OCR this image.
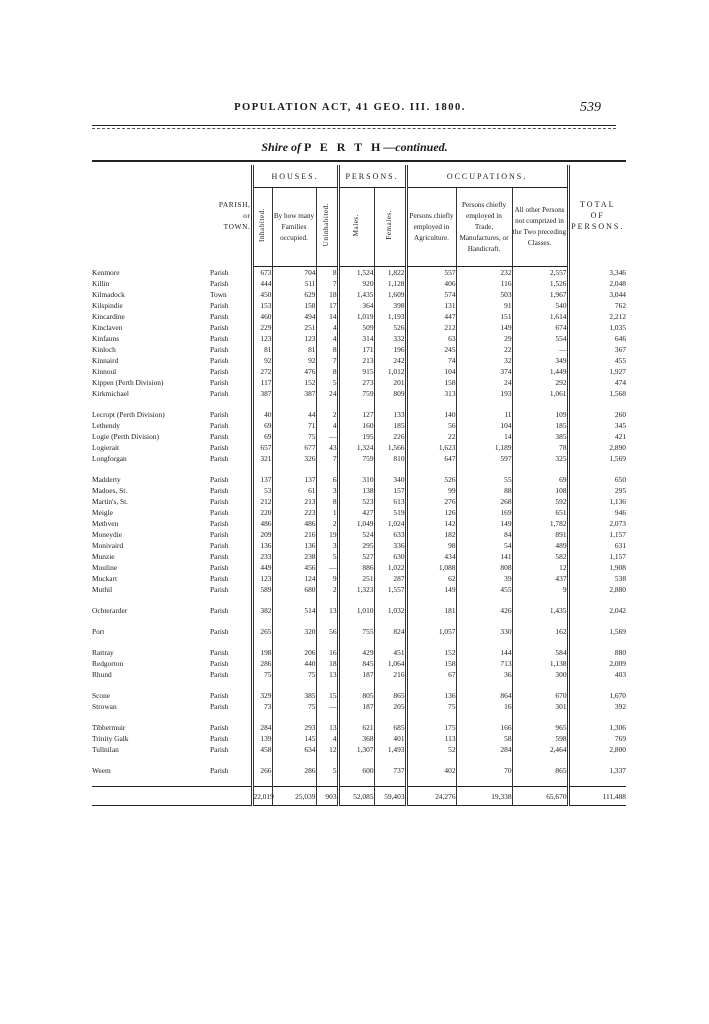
POPULATION ACT, 41 GEO. III. 1800.	539
Shire of P E R T H—continued.
PARISH,
or
TOWN.		HOUSES.			PERSONS.		OCCUPATIONS.			TOTAL
OF
PERSONS.
		Inhabited.	By how many Families occupied.	Uninhabited.	Males.	Females.	Persons chiefly employed in Agriculture.	Persons chiefly employed in Trade, Manufactures, or Handicraft.	All other Persons not comprized in the Two preceding Classes.	
Kenmore	Parish	673	704	8	1,524	1,822	557	232	2,557	3,346
Killin	Parish	444	511	7	920	1,128	406	116	1,526	2,048
Kilmadock	Town	450	629	18	1,435	1,609	574	503	1,967	3,044
Kilspindie	Parish	153	158	17	364	398	131	91	540	762
Kincardine	Parish	460	494	14	1,019	1,193	447	151	1,614	2,212
Kinclaven	Parish	229	251	4	509	526	212	149	674	1,035
Kinfauns	Parish	123	123	4	314	332	63	29	554	646
Kinloch	Parish	81	81	8	171	196	245	22	—	367
Kinnaird	Parish	92	92	7	213	242	74	32	349	455
Kinnoul	Parish	272	476	8	915	1,012	104	374	1,449	1,927
Kippen (Perth Division)	Parish	117	152	5	273	201	158	24	292	474
Kirkmichael	Parish	387	387	24	759	809	313	193	1,061	1,568

Lecropt (Perth Division)	Parish	40	44	2	127	133	140	11	109	260
Lethendy	Parish	69	71	4	160	185	56	104	185	345
Logie (Perth Division)	Parish	69	75	—	195	226	22	14	385	421
Logierait	Parish	657	677	43	1,324	1,566	1,623	1,189	78	2,890
Longforgan	Parish	321	326	7	759	810	647	597	325	1,569

Madderty	Parish	137	137	6	310	340	526	55	69	650
Madoes, St.	Parish	53	61	3	138	157	99	88	108	295
Martin's, St.	Parish	212	213	8	523	613	276	268	592	1,136
Meigle	Parish	220	223	1	427	519	126	169	651	946
Methven	Parish	486	486	2	1,049	1,024	142	149	1,782	2,073
Moneydie	Parish	209	216	19	524	633	182	84	891	1,157
Monivaird	Parish	136	136	3	295	336	98	54	489	631
Munzie	Parish	233	238	5	527	630	434	141	582	1,157
Mouline	Parish	449	456	—	886	1,022	1,088	808	12	1,908
Muckart	Parish	123	124	9	251	287	62	39	437	538
Muthil	Parish	589	680	2	1,323	1,557	149	455	9	2,880

Ochterarder	Parish	382	514	13	1,010	1,032	181	426	1,435	2,042

Port	Parish	265	320	56	755	824	1,057	330	162	1,569

Rattray	Parish	198	206	16	429	451	152	144	584	880
Redgorton	Parish	286	440	18	845	1,064	158	713	1,138	2,009
Rhund	Parish	75	75	13	187	216	67	36	300	403

Scone	Parish	329	385	15	805	865	136	864	670	1,670
Strowan	Parish	73	75	—	187	205	75	16	301	392

Tibbermuir	Parish	284	293	13	621	685	175	166	965	1,306
Trinity Galk	Parish	139	145	4	368	401	113	58	598	769
Tullnilan	Parish	458	634	12	1,307	1,493	52	284	2,464	2,800

Weem	Parish	266	286	5	600	737	402	70	865	1,337

		22,019	25,039	903	52,085	59,403	24,276	19,338	65,670	111,488
